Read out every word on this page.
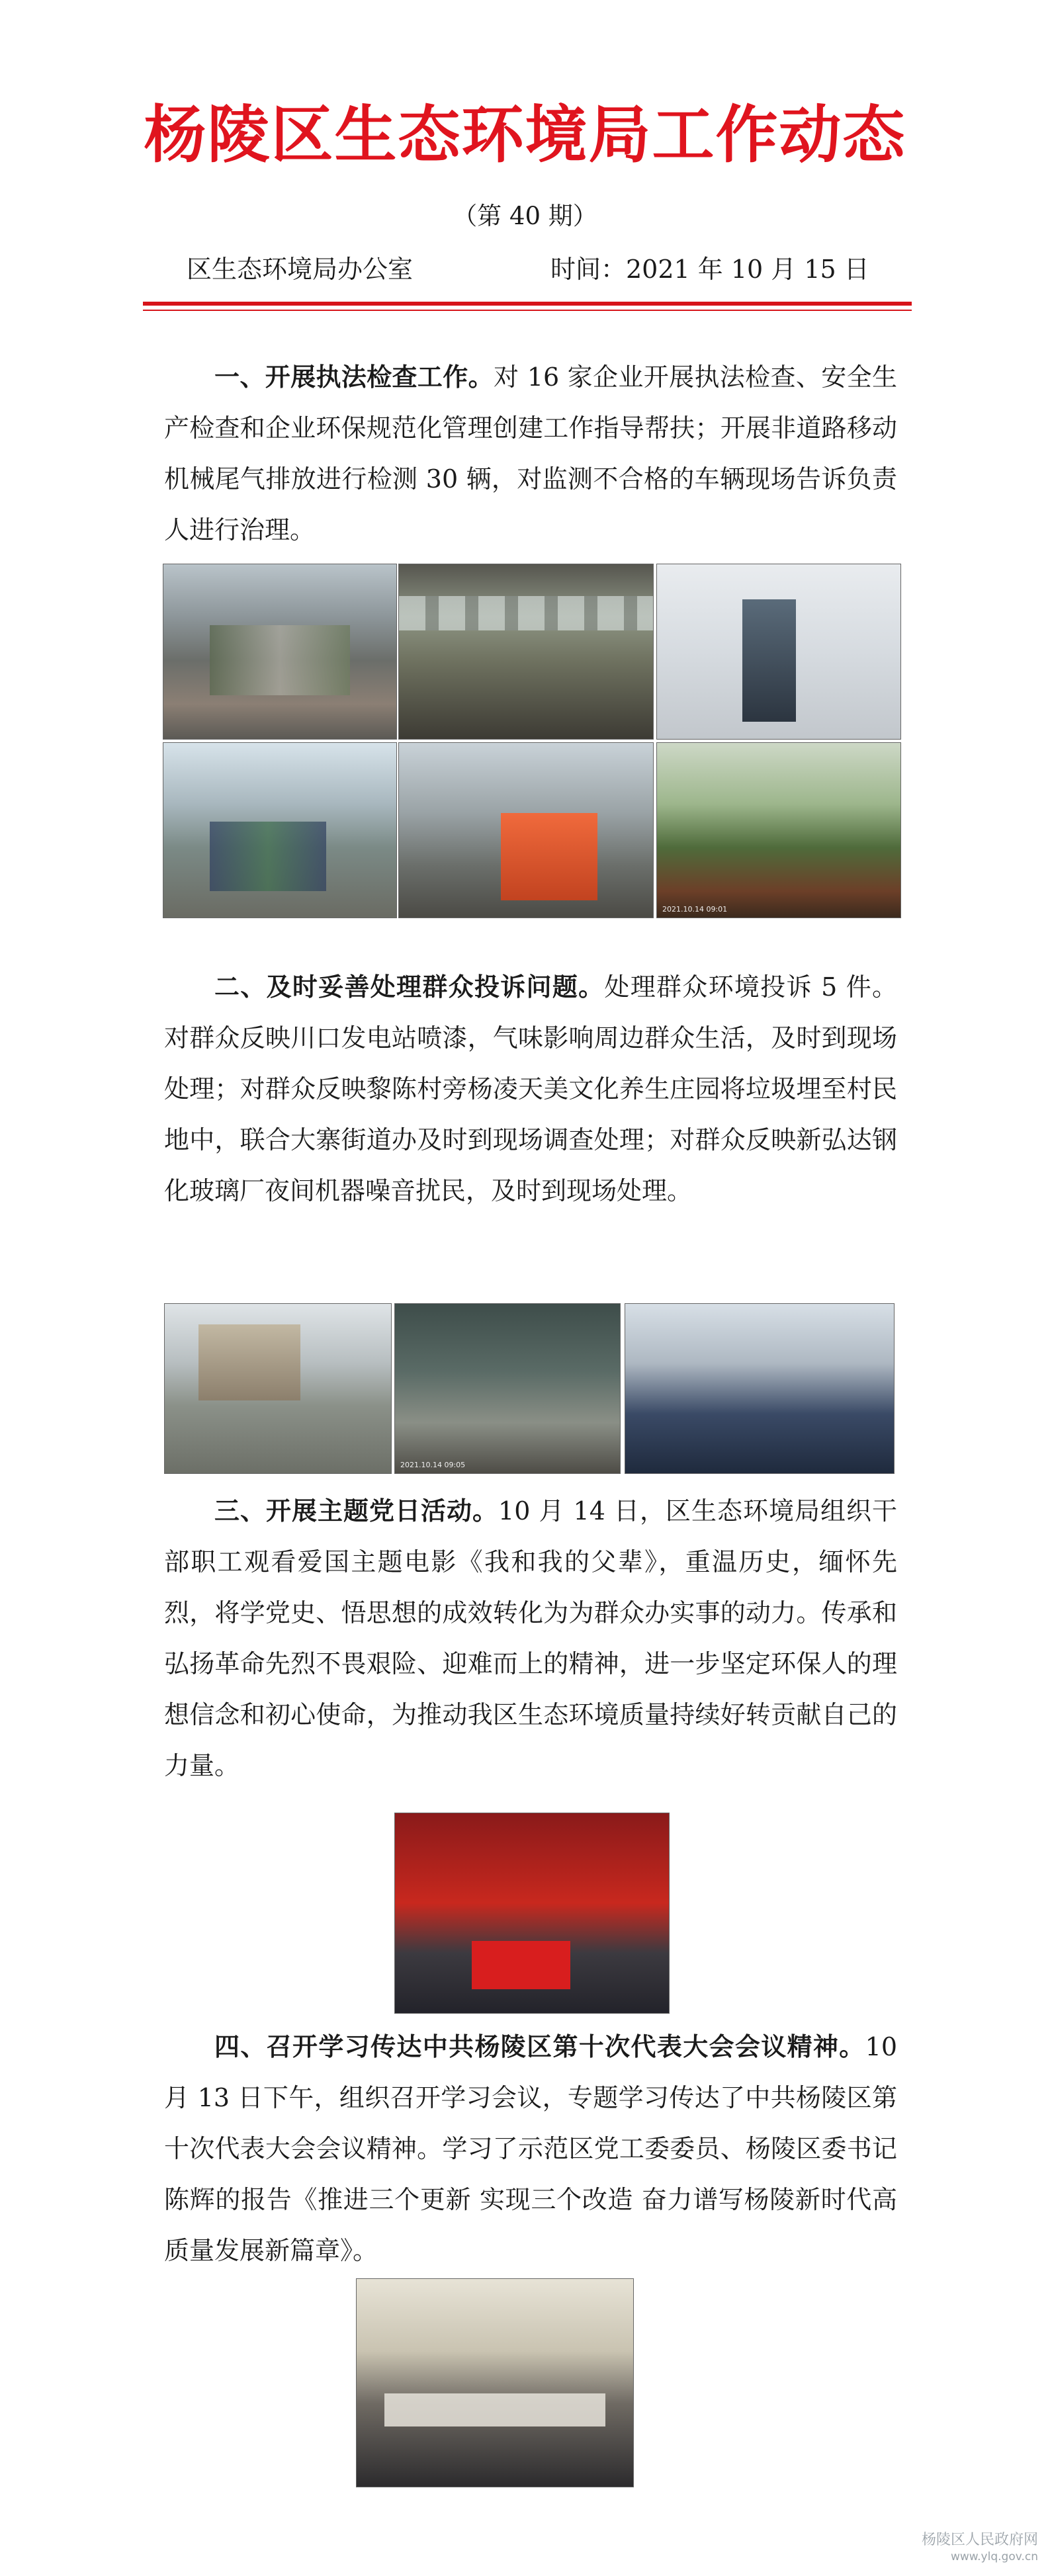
杨陵区生态环境局工作动态
（第 40 期）
区生态环境局办公室	时间：2021 年 10 月 15 日

一、开展执法检查工作。对 16 家企业开展执法检查、安全生产检查和企业环保规范化管理创建工作指导帮扶；开展非道路移动机械尾气排放进行检测 30 辆，对监测不合格的车辆现场告诉负责人进行治理。

2021.10.14 09:01

二、及时妥善处理群众投诉问题。处理群众环境投诉 5 件。对群众反映川口发电站喷漆，气味影响周边群众生活，及时到现场处理；对群众反映黎陈村旁杨凌天美文化养生庄园将垃圾埋至村民地中，联合大寨街道办及时到现场调查处理；对群众反映新弘达钢化玻璃厂夜间机器噪音扰民，及时到现场处理。

2021.10.14 09:05

三、开展主题党日活动。10 月 14 日，区生态环境局组织干部职工观看爱国主题电影《我和我的父辈》，重温历史，缅怀先烈，将学党史、悟思想的成效转化为为群众办实事的动力。传承和弘扬革命先烈不畏艰险、迎难而上的精神，进一步坚定环保人的理想信念和初心使命，为推动我区生态环境质量持续好转贡献自己的力量。

四、召开学习传达中共杨陵区第十次代表大会会议精神。10 月 13 日下午，组织召开学习会议，专题学习传达了中共杨陵区第十次代表大会会议精神。学习了示范区党工委委员、杨陵区委书记陈辉的报告《推进三个更新 实现三个改造 奋力谱写杨陵新时代高质量发展新篇章》。

杨陵区人民政府网
www.ylq.gov.cn
